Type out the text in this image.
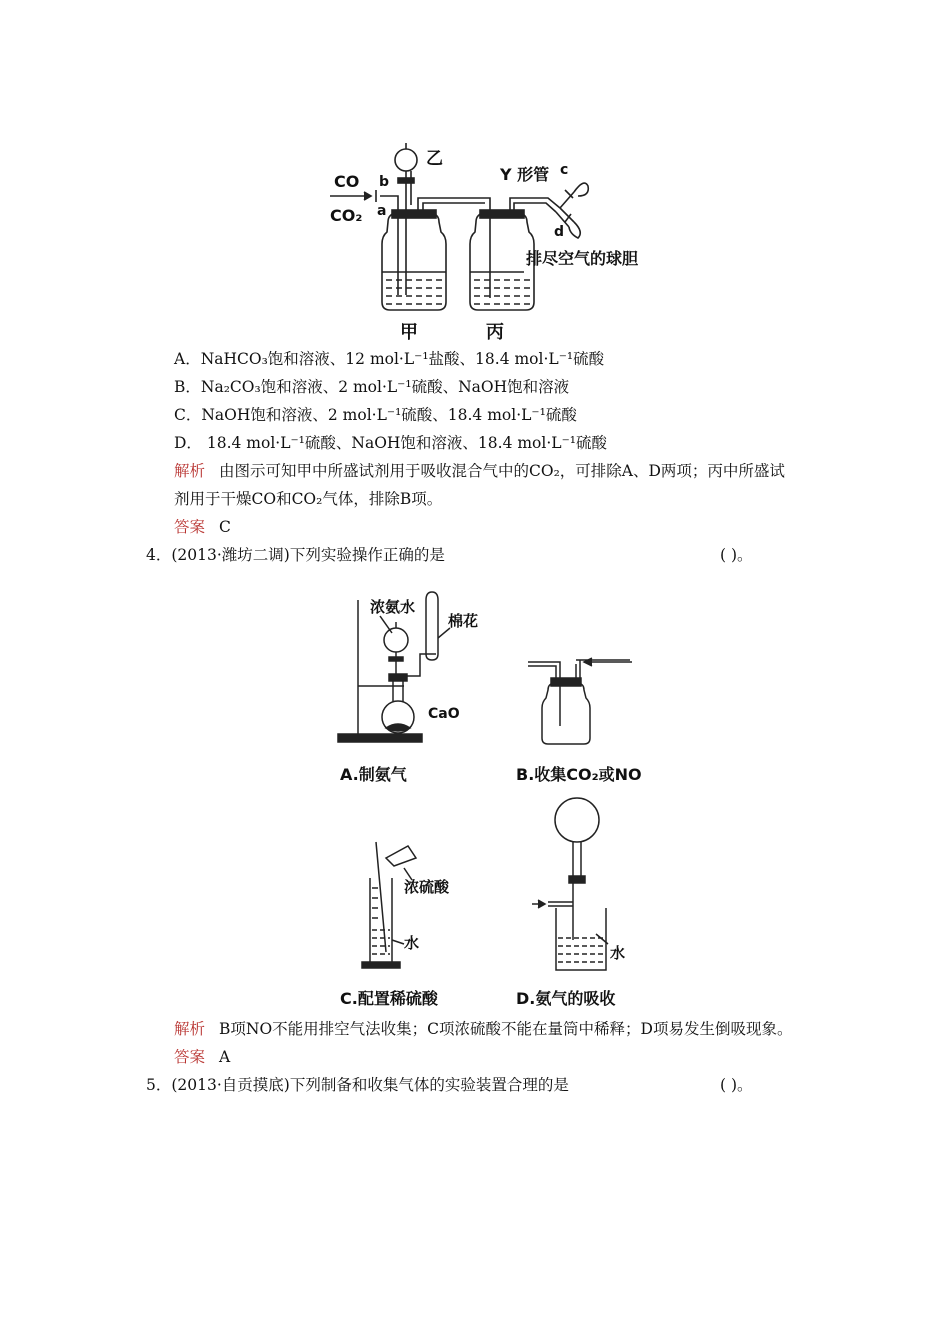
乙
CO
CO₂
b
a
Y 形管 c
d
排尽空气的球胆
甲	丙
A．NaHCO₃饱和溶液、12 mol·L⁻¹盐酸、18.4 mol·L⁻¹硫酸
B．Na₂CO₃饱和溶液、2 mol·L⁻¹硫酸、NaOH饱和溶液
C．NaOH饱和溶液、2 mol·L⁻¹硫酸、18.4 mol·L⁻¹硫酸
D． 18.4 mol·L⁻¹硫酸、NaOH饱和溶液、18.4 mol·L⁻¹硫酸
解析 由图示可知甲中所盛试剂用于吸收混合气中的CO₂，可排除A、D两项；丙中所盛试
剂用于干燥CO和CO₂气体，排除B项。
答案 C
4．(2013·潍坊二调)下列实验操作正确的是	( )。
浓氨水
棉花
CaO
A.制氨气	B.收集CO₂或NO
浓硫酸
水
C.配置稀硫酸
水
D.氨气的吸收
解析 B项NO不能用排空气法收集；C项浓硫酸不能在量筒中稀释；D项易发生倒吸现象。
答案 A
5．(2013·自贡摸底)下列制备和收集气体的实验装置合理的是	( )。
